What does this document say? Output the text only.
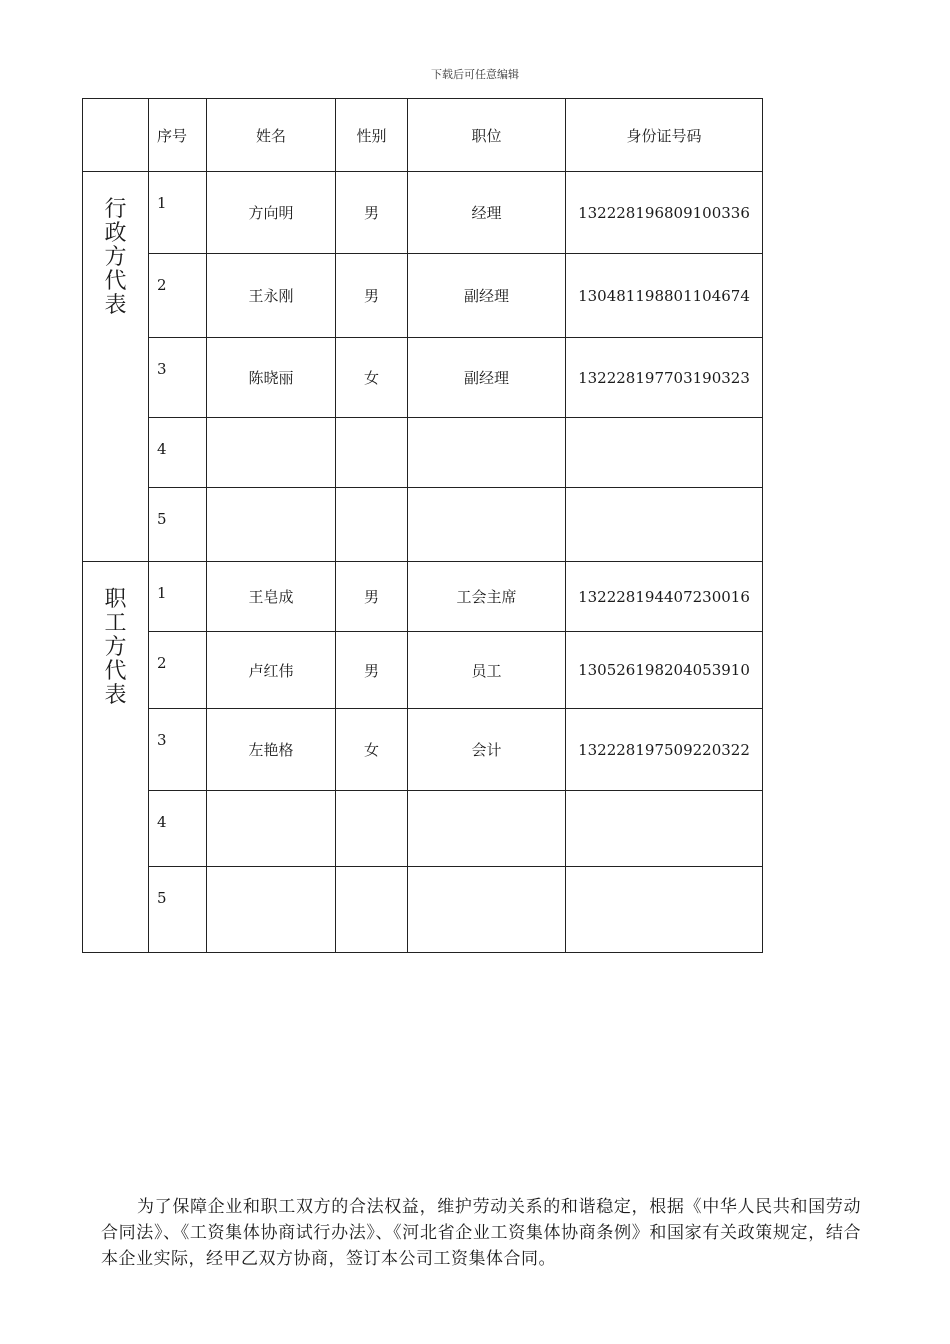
下载后可任意编辑
	序号	姓名	性别	职位	身份证号码

行政方代表	1	方向明	男	经理	132228196809100336
	2	王永刚	男	副经理	130481198801104674
	3	陈晓丽	女	副经理	132228197703190323
	4				
	5				

职工方代表	1	王皂成	男	工会主席	132228194407230016
	2	卢红伟	男	员工	130526198204053910
	3	左艳格	女	会计	132228197509220322
	4				
	5				

为了保障企业和职工双方的合法权益，维护劳动关系的和谐稳定，根据《中华人民共和国劳动合同法》、《工资集体协商试行办法》、《河北省企业工资集体协商条例》和国家有关政策规定，结合本企业实际，经甲乙双方协商，签订本公司工资集体合同。
